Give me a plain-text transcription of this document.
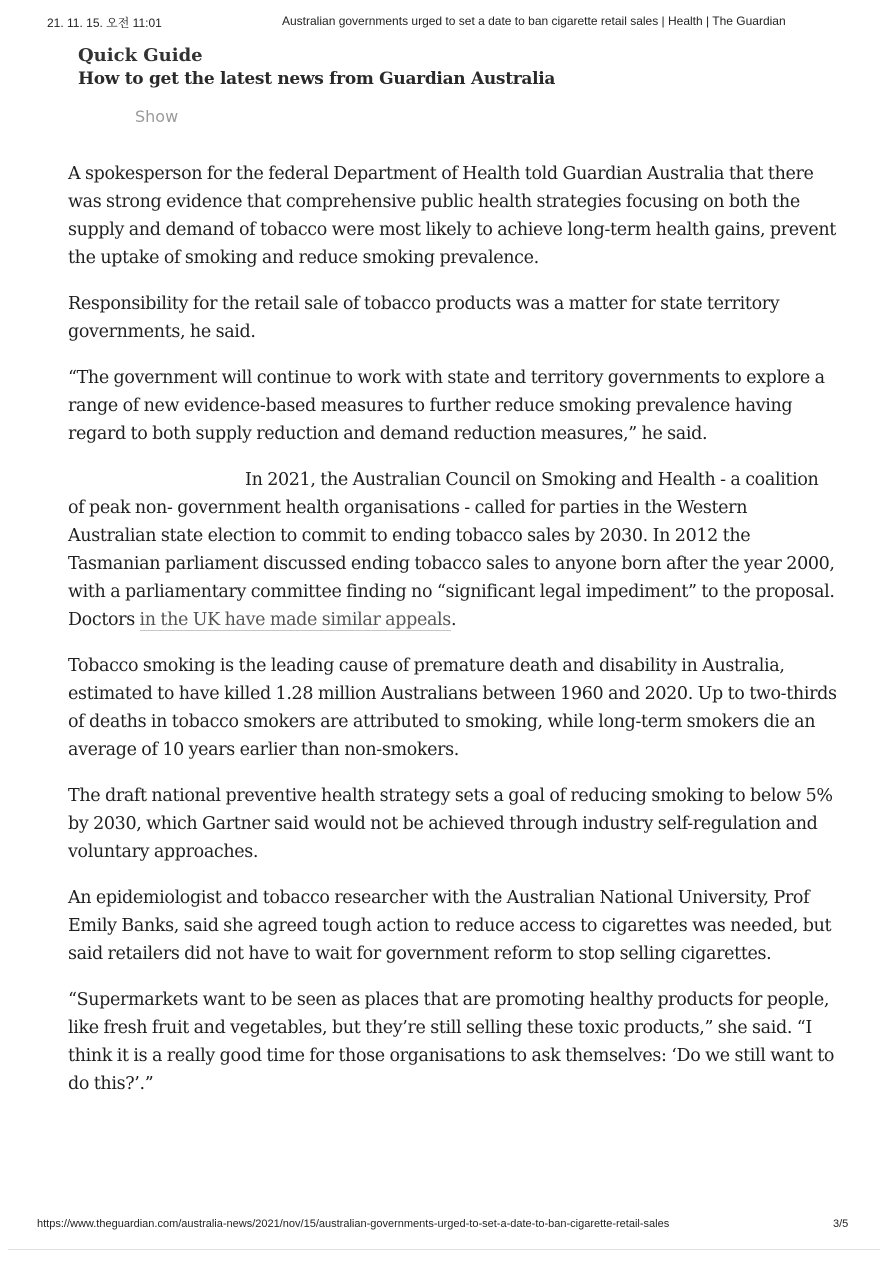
21. 11. 15. 오전 11:01	Australian governments urged to set a date to ban cigarette retail sales | Health | The Guardian
Quick Guide
How to get the latest news from Guardian Australia
Show

A spokesperson for the federal Department of Health told Guardian Australia that there was strong evidence that comprehensive public health strategies focusing on both the supply and demand of tobacco were most likely to achieve long-term health gains, prevent the uptake of smoking and reduce smoking prevalence.

Responsibility for the retail sale of tobacco products was a matter for state territory governments, he said.

“The government will continue to work with state and territory governments to explore a range of new evidence-based measures to further reduce smoking prevalence having regard to both supply reduction and demand reduction measures,” he said.

In 2021, the Australian Council on Smoking and Health - a coalition of peak non- government health organisations - called for parties in the Western Australian state election to commit to ending tobacco sales by 2030. In 2012 the Tasmanian parliament discussed ending tobacco sales to anyone born after the year 2000, with a parliamentary committee finding no “significant legal impediment” to the proposal. Doctors in the UK have made similar appeals.

Tobacco smoking is the leading cause of premature death and disability in Australia, estimated to have killed 1.28 million Australians between 1960 and 2020. Up to two-thirds of deaths in tobacco smokers are attributed to smoking, while long-term smokers die an average of 10 years earlier than non-smokers.

The draft national preventive health strategy sets a goal of reducing smoking to below 5% by 2030, which Gartner said would not be achieved through industry self-regulation and voluntary approaches.

An epidemiologist and tobacco researcher with the Australian National University, Prof Emily Banks, said she agreed tough action to reduce access to cigarettes was needed, but said retailers did not have to wait for government reform to stop selling cigarettes.

“Supermarkets want to be seen as places that are promoting healthy products for people, like fresh fruit and vegetables, but they’re still selling these toxic products,” she said. “I think it is a really good time for those organisations to ask themselves: ‘Do we still want to do this?’.”

https://www.theguardian.com/australia-news/2021/nov/15/australian-governments-urged-to-set-a-date-to-ban-cigarette-retail-sales	3/5
